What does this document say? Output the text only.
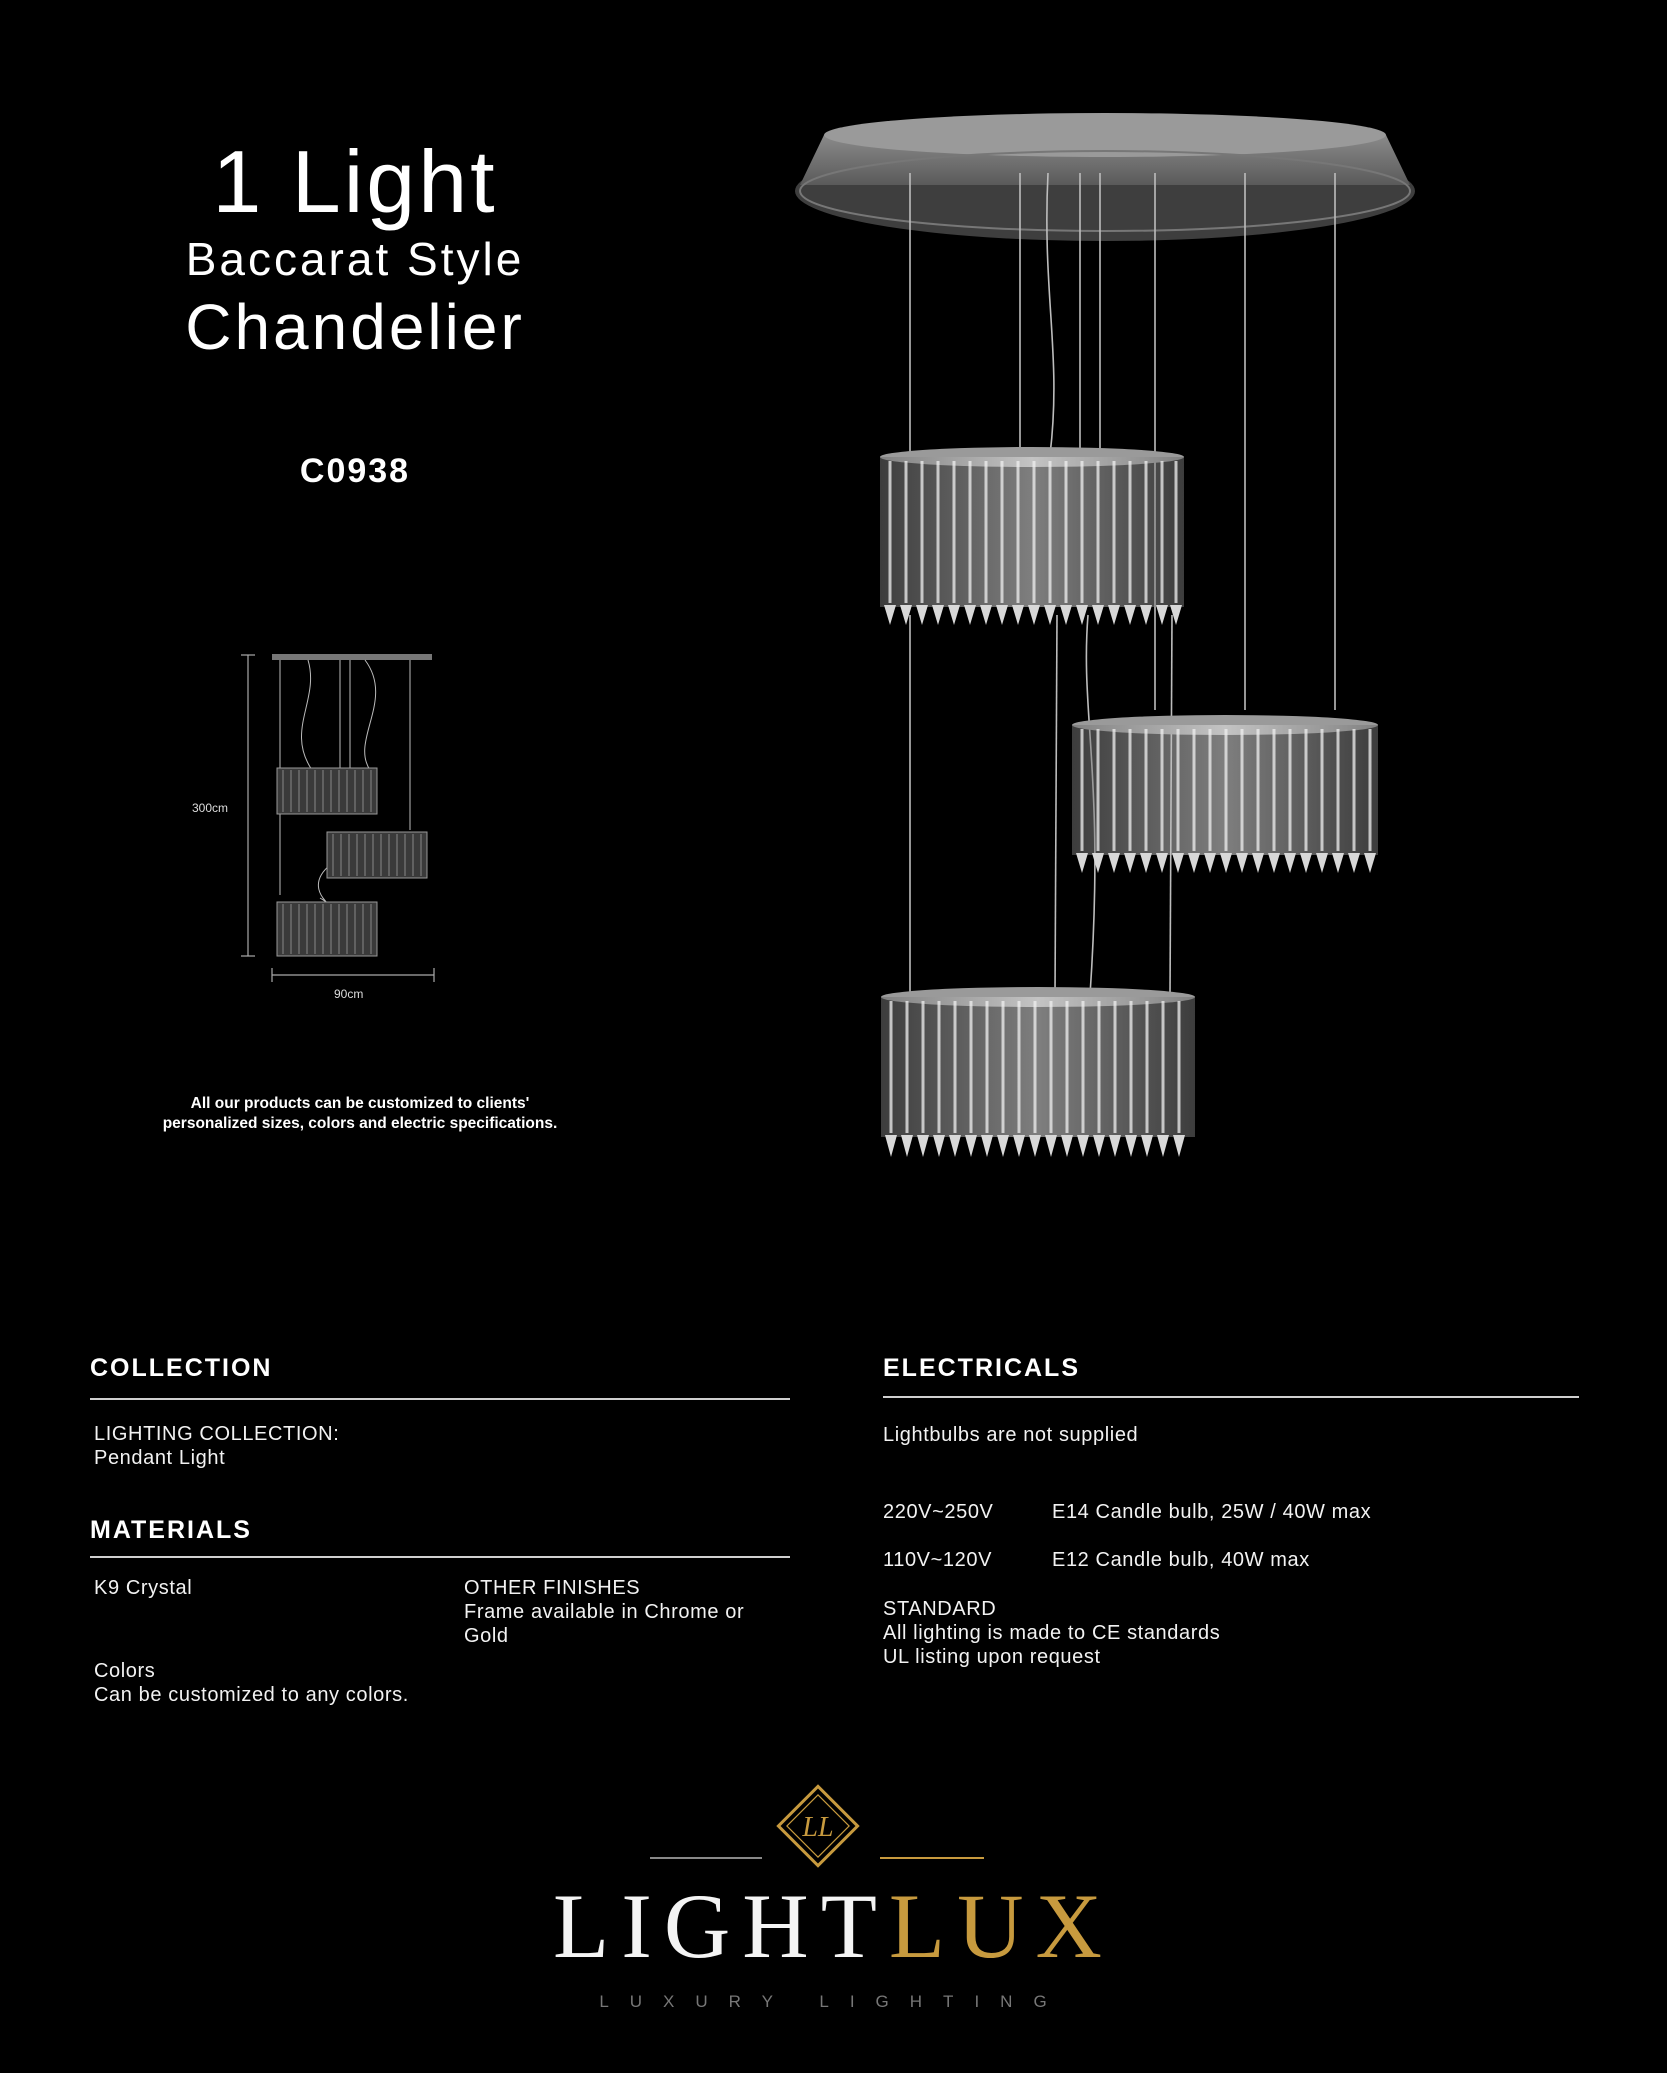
1 Light
Baccarat Style
Chandelier
C0938
300cm
90cm
All our products can be customized to clients'
personalized sizes, colors and electric specifications.
COLLECTION
LIGHTING COLLECTION:
Pendant Light
MATERIALS
K9 Crystal	OTHER FINISHES
Frame available in Chrome or
Gold
Colors
Can be customized to any colors.
ELECTRICALS
Lightbulbs are not supplied
220V~250V	E14 Candle bulb, 25W / 40W max
110V~120V	E12 Candle bulb, 40W max
STANDARD
All lighting is made to CE standards
UL listing upon request
LL
LIGHTLUX
LUXURY LIGHTING
